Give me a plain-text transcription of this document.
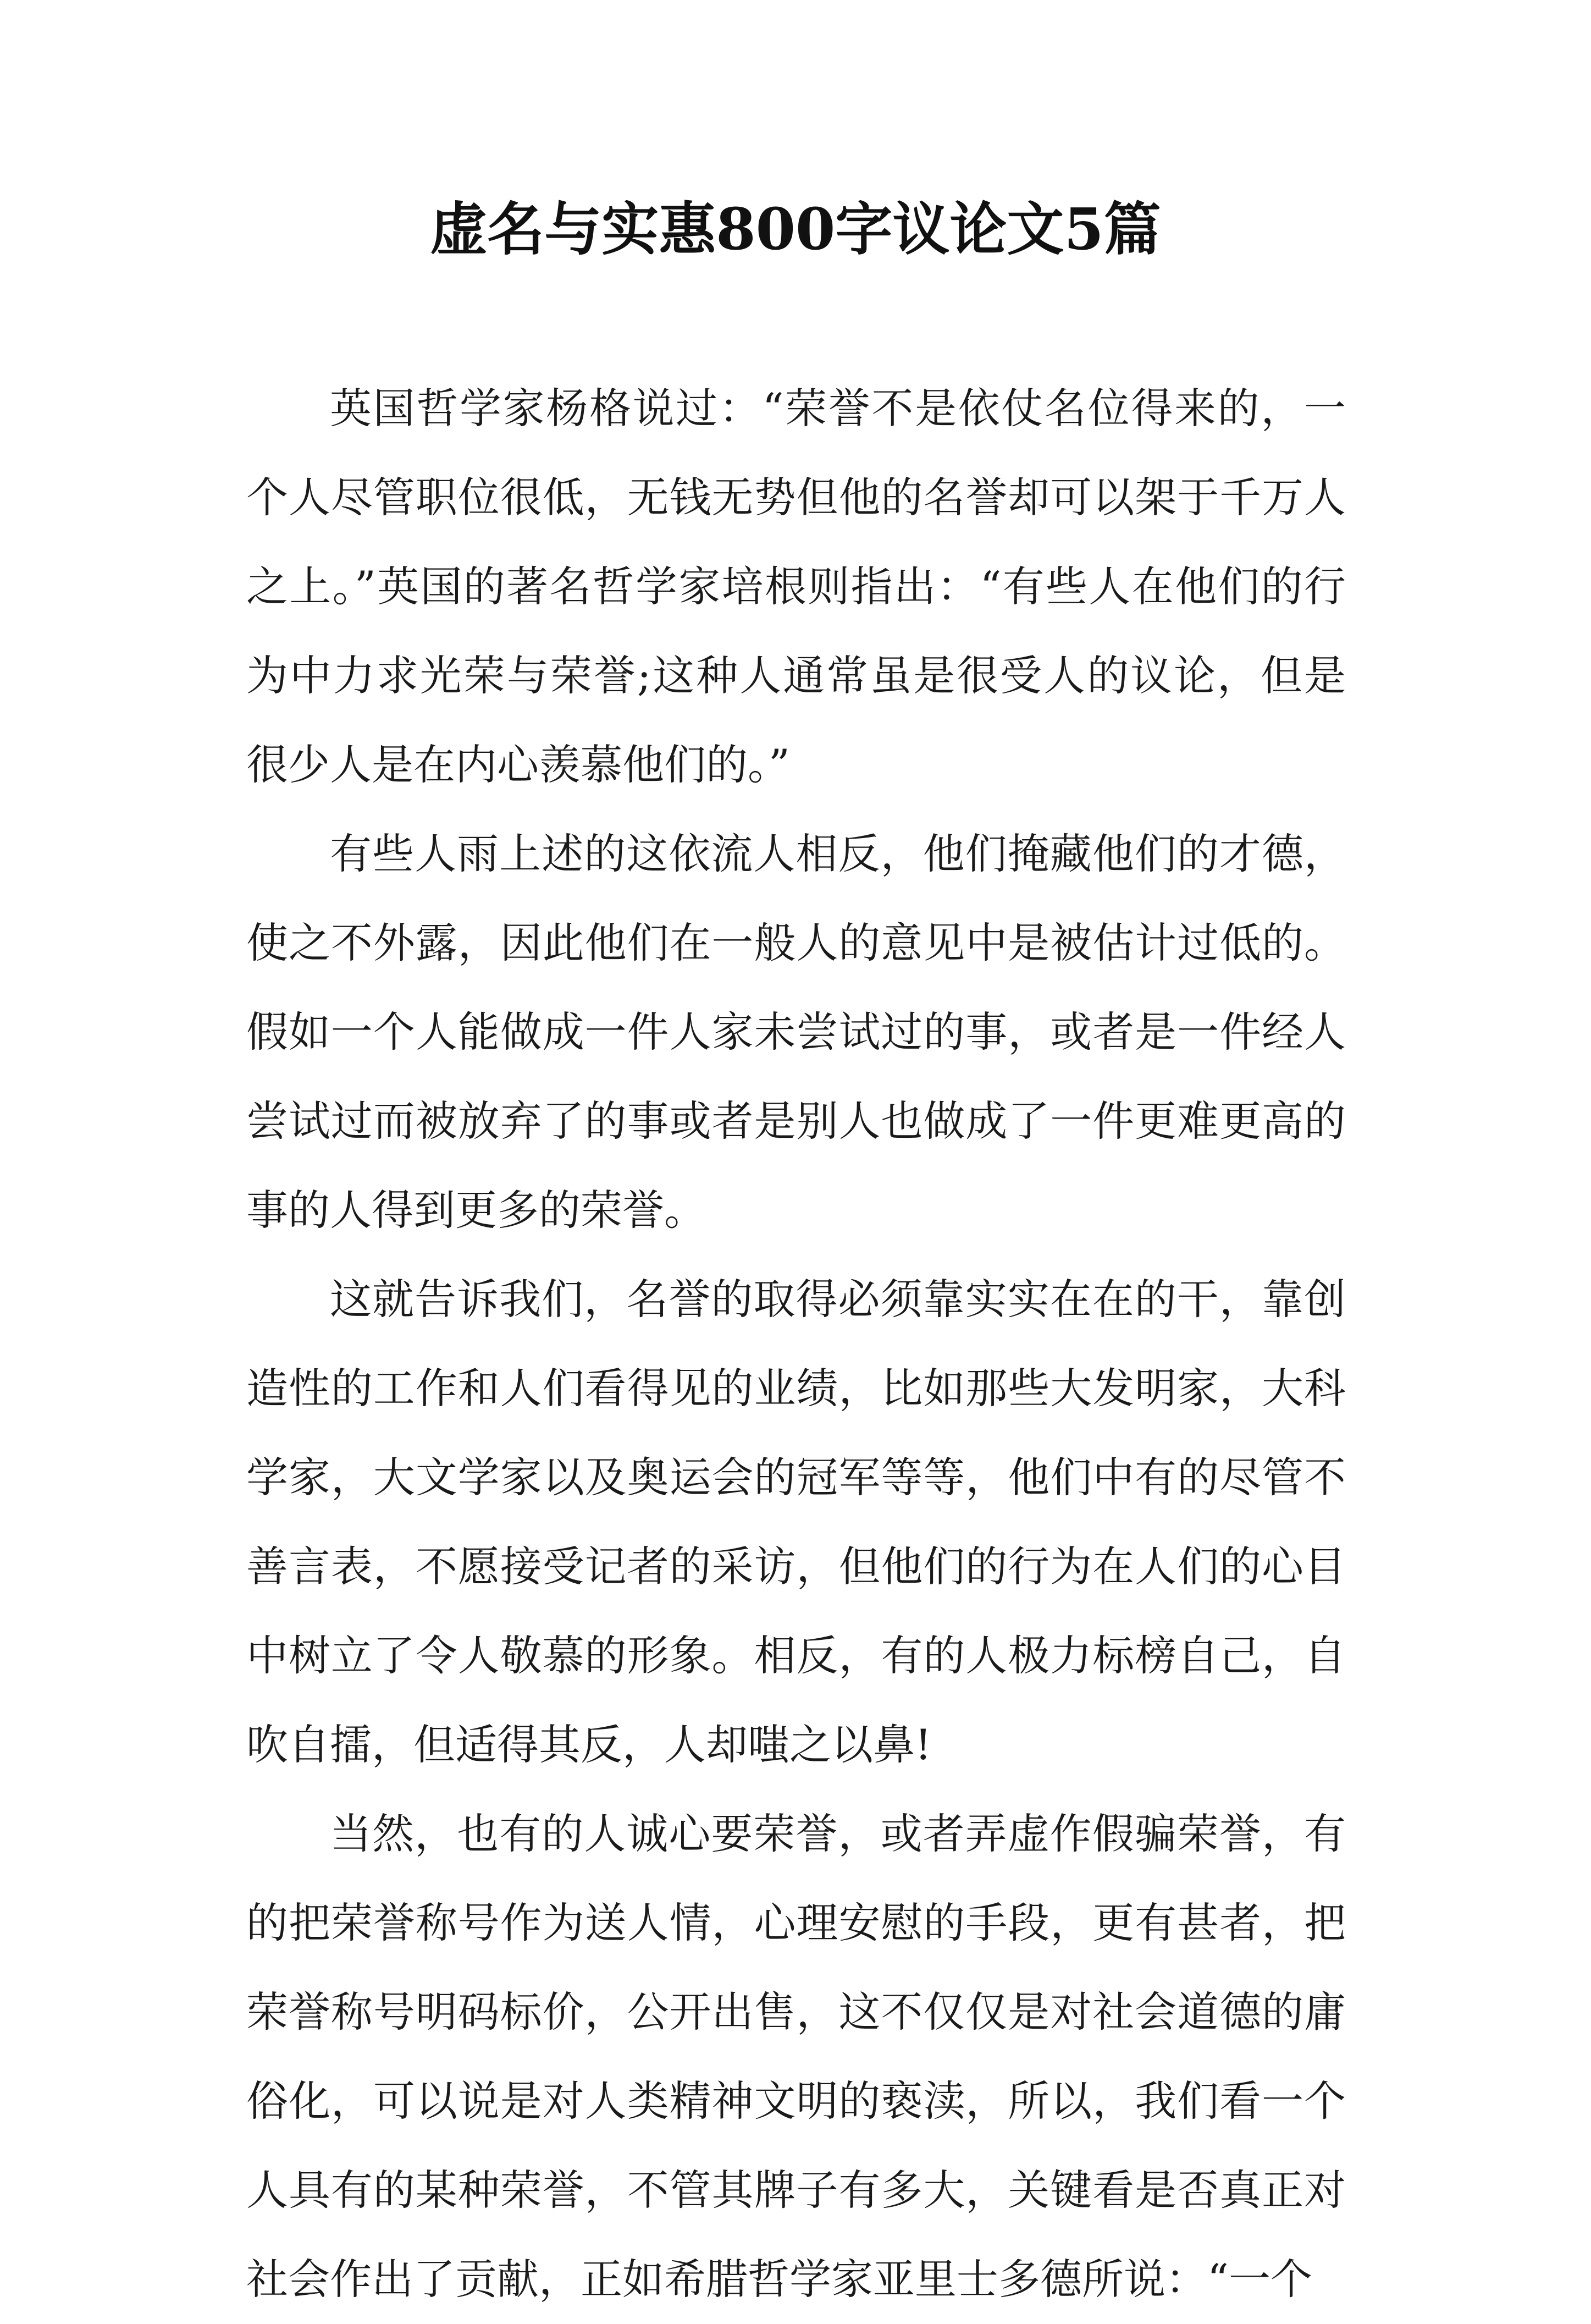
虚名与实惠800字议论文5篇

英国哲学家杨格说过：“荣誉不是依仗名位得来的，一个人尽管职位很低，无钱无势但他的名誉却可以架于千万人之上。”英国的著名哲学家培根则指出：“有些人在他们的行为中力求光荣与荣誉;这种人通常虽是很受人的议论，但是很少人是在内心羡慕他们的。”

有些人雨上述的这依流人相反，他们掩藏他们的才德，使之不外露，因此他们在一般人的意见中是被估计过低的。假如一个人能做成一件人家未尝试过的事，或者是一件经人尝试过而被放弃了的事或者是别人也做成了一件更难更高的事的人得到更多的荣誉。

这就告诉我们，名誉的取得必须靠实实在在的干，靠创造性的工作和人们看得见的业绩，比如那些大发明家，大科学家，大文学家以及奥运会的冠军等等，他们中有的尽管不善言表，不愿接受记者的采访，但他们的行为在人们的心目中树立了令人敬慕的形象。相反，有的人极力标榜自己，自吹自擂，但适得其反，人却嗤之以鼻!

当然，也有的人诚心要荣誉，或者弄虚作假骗荣誉，有的把荣誉称号作为送人情，心理安慰的手段，更有甚者，把荣誉称号明码标价，公开出售，这不仅仅是对社会道德的庸俗化，可以说是对人类精神文明的亵渎，所以，我们看一个人具有的某种荣誉，不管其牌子有多大，关键看是否真正对社会作出了贡献，正如希腊哲学家亚里士多德所说：“一个
